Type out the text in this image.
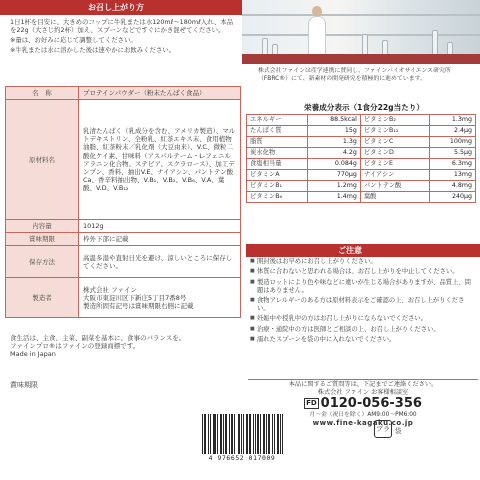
お召し上がり方

1日1杯を目安に、大きめのコップに牛乳または水120mℓ〜180mℓ入れ、本品を22g（大さじ約2杯）加え、スプーンなどですぐにかき混ぜてください。

※量は、お好みに応じて調整してください。

※牛乳または水に溶かした後は速やかにお飲みください。

名　称	プロテインパウダー（粉末たんぱく食品）
原材料名	乳清たんぱく（乳成分を含む、アメリカ製造）、マルトデキストリン、全粉乳、紅茶エキス末、食用植物油脂、紅茶粉末／乳化剤（大豆由来）、V.C、微粒二酸化ケイ素、甘味料（アスパルテーム・L-フェニルアラニン化合物、ステビア、スクラロース）、加工デンプン、香料、抽出V.E、ナイアシン、パントテン酸Ca、香辛料抽出物、V.B₁、V.B₂、V.B₆、V.A、葉酸、V.D、V.B₁₂
内容量	1012g
賞味期限	枠外下部に記載
保存方法	高温多湿や直射日光を避け、涼しいところに保存してください。
製造者	株式会社 ファイン
大阪市東淀川区下新庄5丁目7番8号
製造所固有記号は賞味期限右側に記載

食生活は、主食、主菜、副菜を基本に、食事のバランスを。

ファインプロ®はファインの登録商標です。

Made in Japan

賞味期限
株式会社ファインは産学連携に賛同し、ファインバイオサイエンス研究所（FBRC®）にて、新素材の開発研究を積極的に進めています。
栄養成分表示（1食分22g当たり）
エネルギー	88.5kcal	ビタミンB₂	1.3mg
たんぱく質	15g	ビタミンB₁₂	2.4μg
脂質	1.3g	ビタミンC	100mg
炭水化物	4.2g	ビタミンD	5.5μg
食塩相当量	0.084g	ビタミンE	6.3mg
ビタミンA	770μg	ナイアシン	13mg
ビタミンB₁	1.2mg	パントテン酸	4.8mg
ビタミンB₆	1.4mg	葉酸	240μg
ご注意
■ 開封後はお早めにお召し上がりください。
■ 体質に合わないと思われる場合は、お召し上がりを中止してください。
■ 製造ロットにより色や味などに違いが生じる場合がありますが、品質上、問題はありません。
■ 食物アレルギーのある方は原材料表示をご確認の上、お召し上がりください。
■ 妊娠中や授乳中の方はお召し上がりにならないでください。
■ 治療・通院中の方は医師とご相談の上、お召し上がりください。
■ 濡れたスプーンを袋の中に入れないでください。
本品に関するご質問等は、下記までご連絡ください。
株式会社 ファイン お客様相談室
FD 0120-056-356
月〜金（祝日を除く）AM9:00〜PM6:00
www.fine-kagaku.co.jp
4 976652 017009
プラ 袋
